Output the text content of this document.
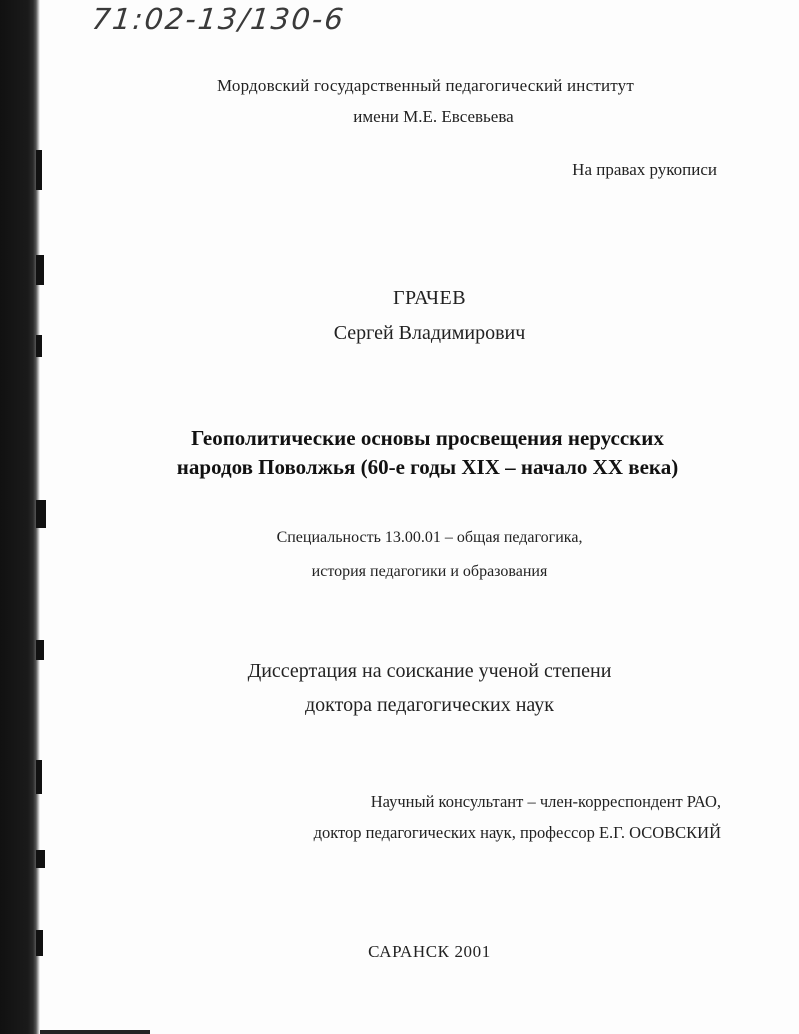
71:02-13/130-6
Мордовский государственный педагогический институт
имени М.Е. Евсевьева
На правах рукописи
ГРАЧЕВ
Сергей Владимирович
Геополитические основы просвещения нерусских
народов Поволжья (60-е годы XIX – начало XX века)
Специальность 13.00.01 – общая педагогика,
история педагогики и образования
Диссертация на соискание ученой степени
доктора педагогических наук
Научный консультант – член-корреспондент РАО,
доктор педагогических наук, профессор Е.Г. ОСОВСКИЙ
САРАНСК 2001
